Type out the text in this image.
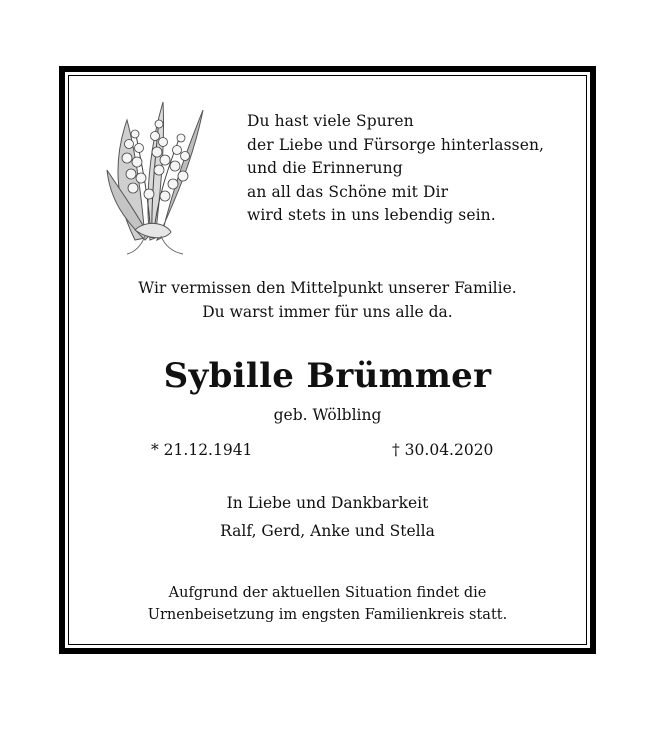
Du hast viele Spuren
der Liebe und Fürsorge hinterlassen,
und die Erinnerung
an all das Schöne mit Dir
wird stets in uns lebendig sein.
Wir vermissen den Mittelpunkt unserer Familie.
Du warst immer für uns alle da.
Sybille Brümmer
geb. Wölbling
* 21.12.1941	† 30.04.2020
In Liebe und Dankbarkeit
Ralf, Gerd, Anke und Stella
Aufgrund der aktuellen Situation findet die
Urnenbeisetzung im engsten Familienkreis statt.
